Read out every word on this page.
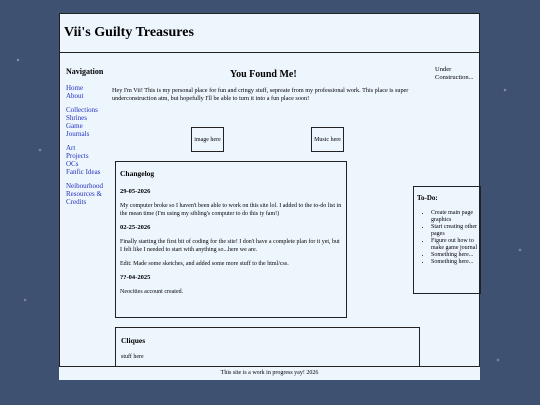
Vii's Guilty Treasures
Navigation
Home
About
Collections
Shrines
Game
Journals
Art
Projects
OCs
Fanfic Ideas
Neibourhood
Resources &
Credits
You Found Me!

Hey I'm Vii! This is my personal place for fun and cringy stuff, sepreate from my professional work. This place is super underconstruction atm, but hopefully I'll be able to turn it into a fun place soon!

image here	Music here
Under Construction...
Changelog
29-05-2026

My computer broke so I haven't been able to work on this site lol. I added to the to-do list in the mean time (I'm using my sibling's computer to do this ty fam!)

02-25-2026

Finally starting the first bit of coding for the site! I don't have a complete plan for it yet, but I felt like I needed to start with anything so...here we are.

Edit: Made some sketches, and added some more stuff to the html/css.

??-04-2025

Neocities account created.

To-Do:
• Create main page graphics
• Start creating other pages
• Figure out how to make game journal
• Something here...
• Something here...
Cliques
stuff here
This site is a work in progress yay! 2026
